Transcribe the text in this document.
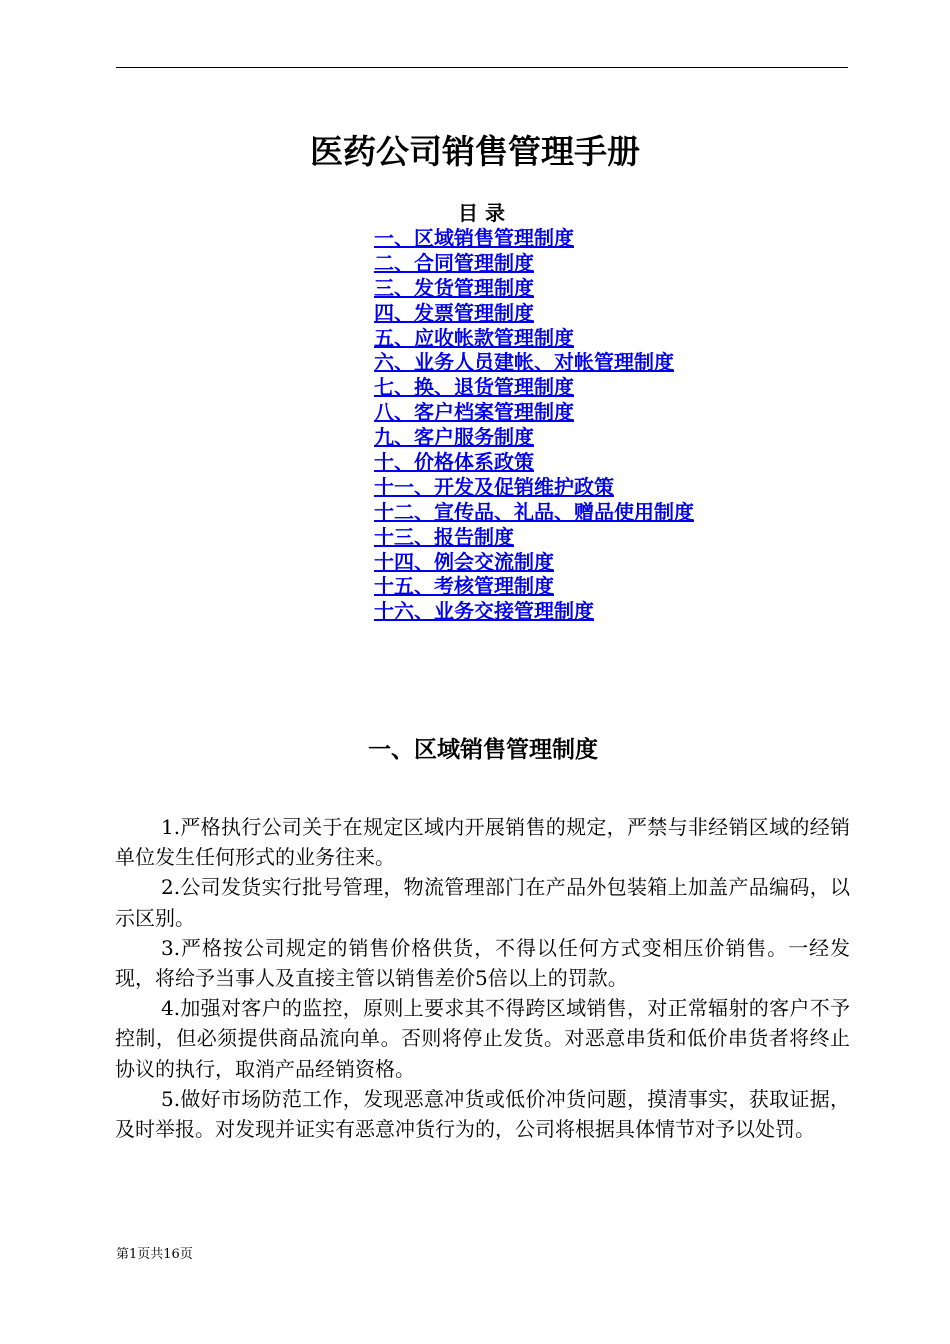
医药公司销售管理手册
目 录
一、区域销售管理制度
二、合同管理制度
三、发货管理制度
四、发票管理制度
五、应收帐款管理制度
六、业务人员建帐、对帐管理制度
七、换、退货管理制度
八、客户档案管理制度
九、客户服务制度
十、价格体系政策
十一、开发及促销维护政策
十二、宣传品、礼品、赠品使用制度
十三、报告制度
十四、例会交流制度
十五、考核管理制度
十六、业务交接管理制度
一、区域销售管理制度

1.严格执行公司关于在规定区域内开展销售的规定，严禁与非经销区域的经销单位发生任何形式的业务往来。

2.公司发货实行批号管理，物流管理部门在产品外包装箱上加盖产品编码，以示区别。

3.严格按公司规定的销售价格供货，不得以任何方式变相压价销售。一经发现，将给予当事人及直接主管以销售差价5倍以上的罚款。

4.加强对客户的监控，原则上要求其不得跨区域销售，对正常辐射的客户不予控制，但必须提供商品流向单。否则将停止发货。对恶意串货和低价串货者将终止协议的执行，取消产品经销资格。

5.做好市场防范工作，发现恶意冲货或低价冲货问题，摸清事实，获取证据，及时举报。对发现并证实有恶意冲货行为的，公司将根据具体情节对予以处罚。

第1页共16页
